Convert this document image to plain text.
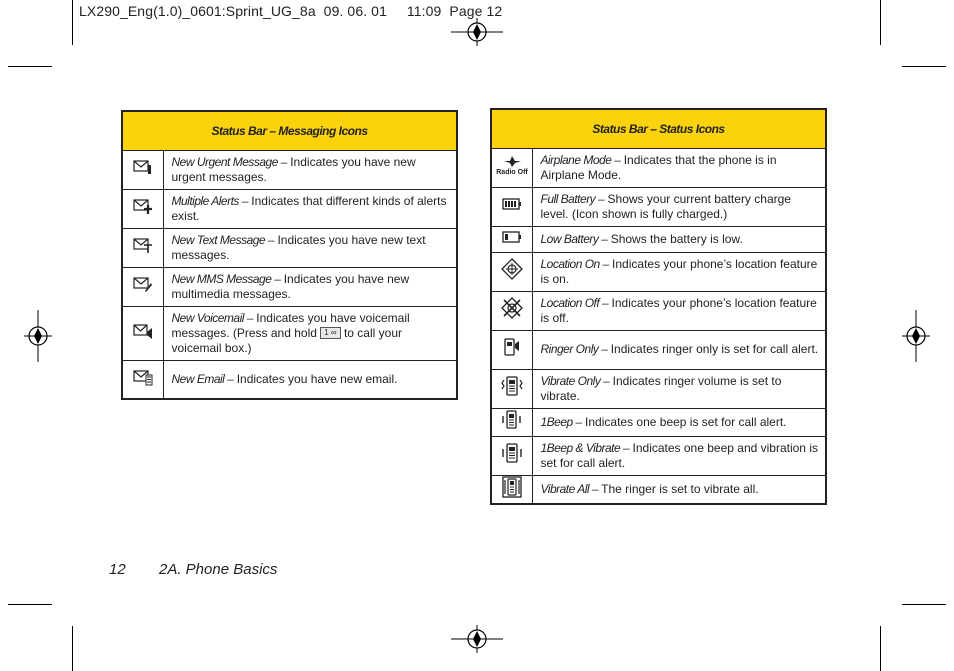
LX290_Eng(1.0)_0601:Sprint_UG_8a  09. 06. 01     11:09  Page 12
Status Bar – Messaging Icons	
	New Urgent Message – Indicates you have new urgent messages.
	Multiple Alerts – Indicates that different kinds of alerts exist.
	New Text Message – Indicates you have new text messages.
	New MMS Message – Indicates you have new multimedia messages.
	New Voicemail – Indicates you have voicemail messages. (Press and hold 1 ∞ to call your voicemail box.)
	New Email – Indicates you have new email.
Status Bar – Status Icons	

Radio Off	Airplane Mode – Indicates that the phone is in Airplane Mode.
	Full Battery – Shows your current battery charge level. (Icon shown is fully charged.)
	Low Battery – Shows the battery is low.
	Location On – Indicates your phone’s location feature is on.
	Location Off – Indicates your phone’s location feature is off.
	Ringer Only – Indicates ringer only is set for call alert.
	Vibrate Only – Indicates ringer volume is set to vibrate.
	1Beep – Indicates one beep is set for call alert.
	1Beep & Vibrate – Indicates one beep and vibration is set for call alert.
	Vibrate All – The ringer is set to vibrate all.
12 2A. Phone Basics
